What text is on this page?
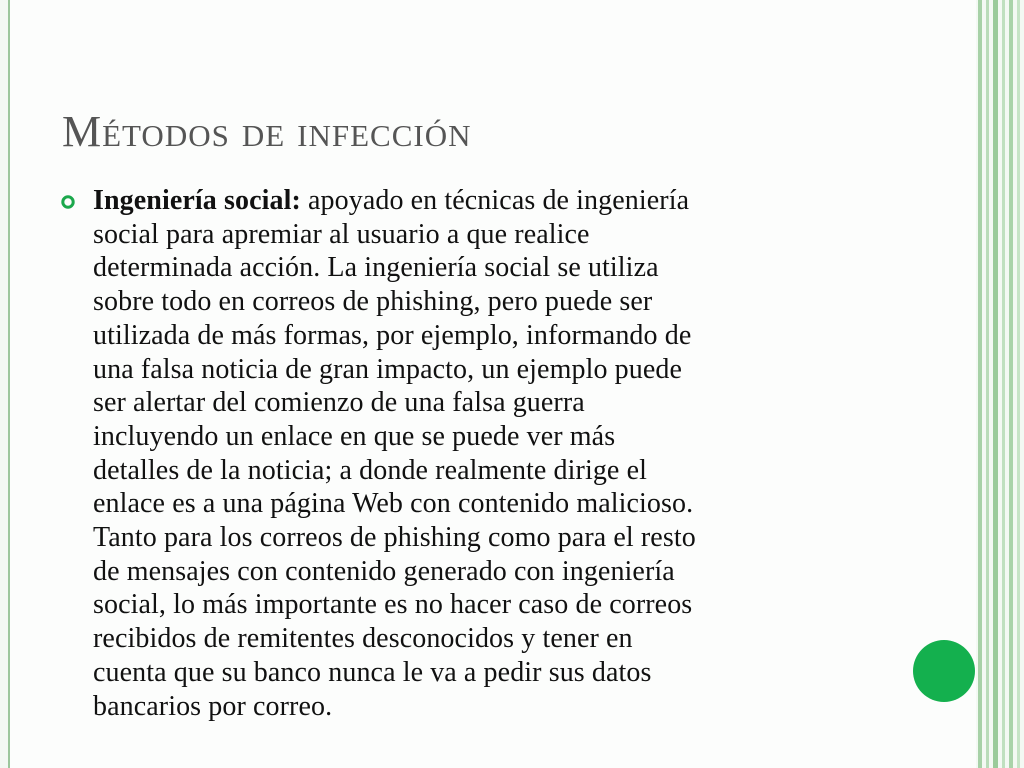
Métodos de infección

Ingeniería social: apoyado en técnicas de ingeniería
social para apremiar al usuario a que realice
determinada acción. La ingeniería social se utiliza
sobre todo en correos de phishing, pero puede ser
utilizada de más formas, por ejemplo, informando de
una falsa noticia de gran impacto, un ejemplo puede
ser alertar del comienzo de una falsa guerra
incluyendo un enlace en que se puede ver más
detalles de la noticia; a donde realmente dirige el
enlace es a una página Web con contenido malicioso.
Tanto para los correos de phishing como para el resto
de mensajes con contenido generado con ingeniería
social, lo más importante es no hacer caso de correos
recibidos de remitentes desconocidos y tener en
cuenta que su banco nunca le va a pedir sus datos
bancarios por correo.
